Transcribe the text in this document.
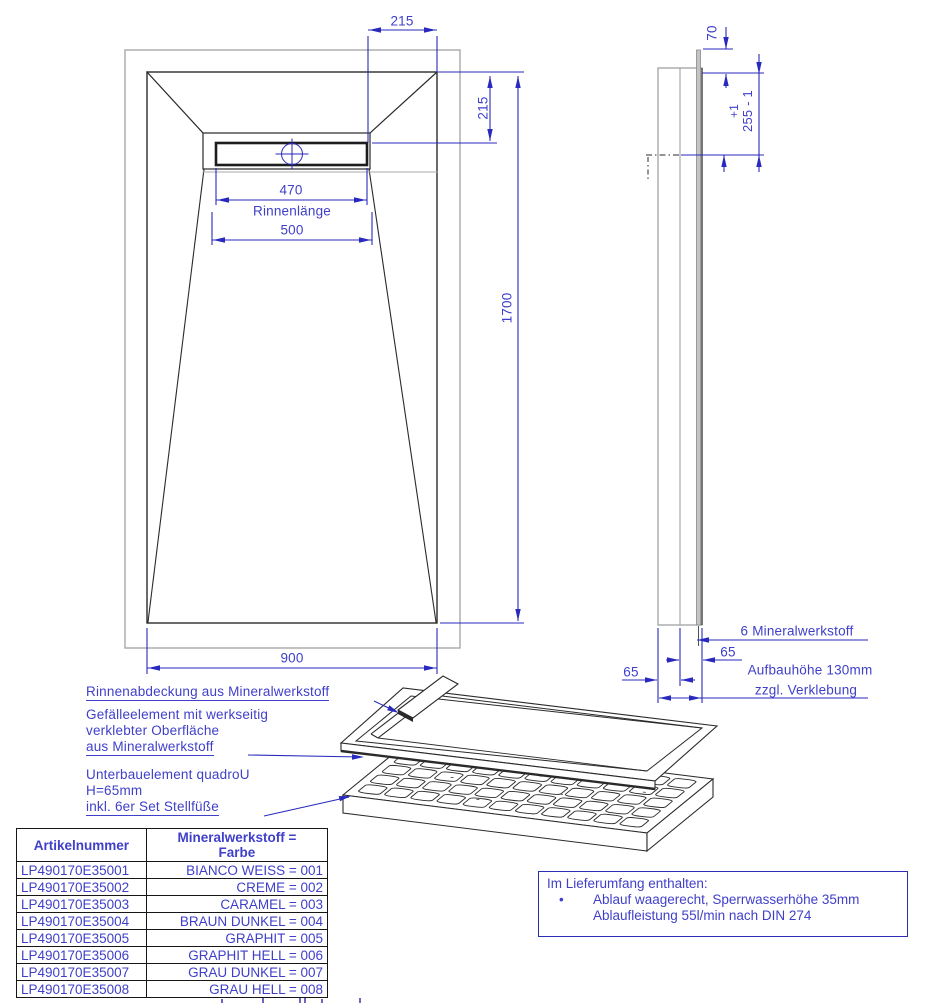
215
215
1700
470
Rinnenlänge
500
900
70
+1 255 - 1
6 Mineralwerkstoff
65
65	Aufbauhöhe 130mm
zzgl. Verklebung
Rinnenabdeckung aus Mineralwerkstoff
Gefälleelement mit werkseitig
verklebter Oberfläche
aus Mineralwerkstoff
Unterbauelement quadroU
H=65mm
inkl. 6er Set Stellfüße
Artikelnummer	Mineralwerkstoff =
Farbe

LP490170E35001	BIANCO WEISS = 001
LP490170E35002	CREME = 002
LP490170E35003	CARAMEL = 003
LP490170E35004	BRAUN DUNKEL = 004
LP490170E35005	GRAPHIT = 005
LP490170E35006	GRAPHIT HELL = 006
LP490170E35007	GRAU DUNKEL = 007
LP490170E35008	GRAU HELL = 008
Im Lieferumfang enthalten:
•	Ablauf waagerecht, Sperrwasserhöhe 35mm
Ablaufleistung 55l/min nach DIN 274
